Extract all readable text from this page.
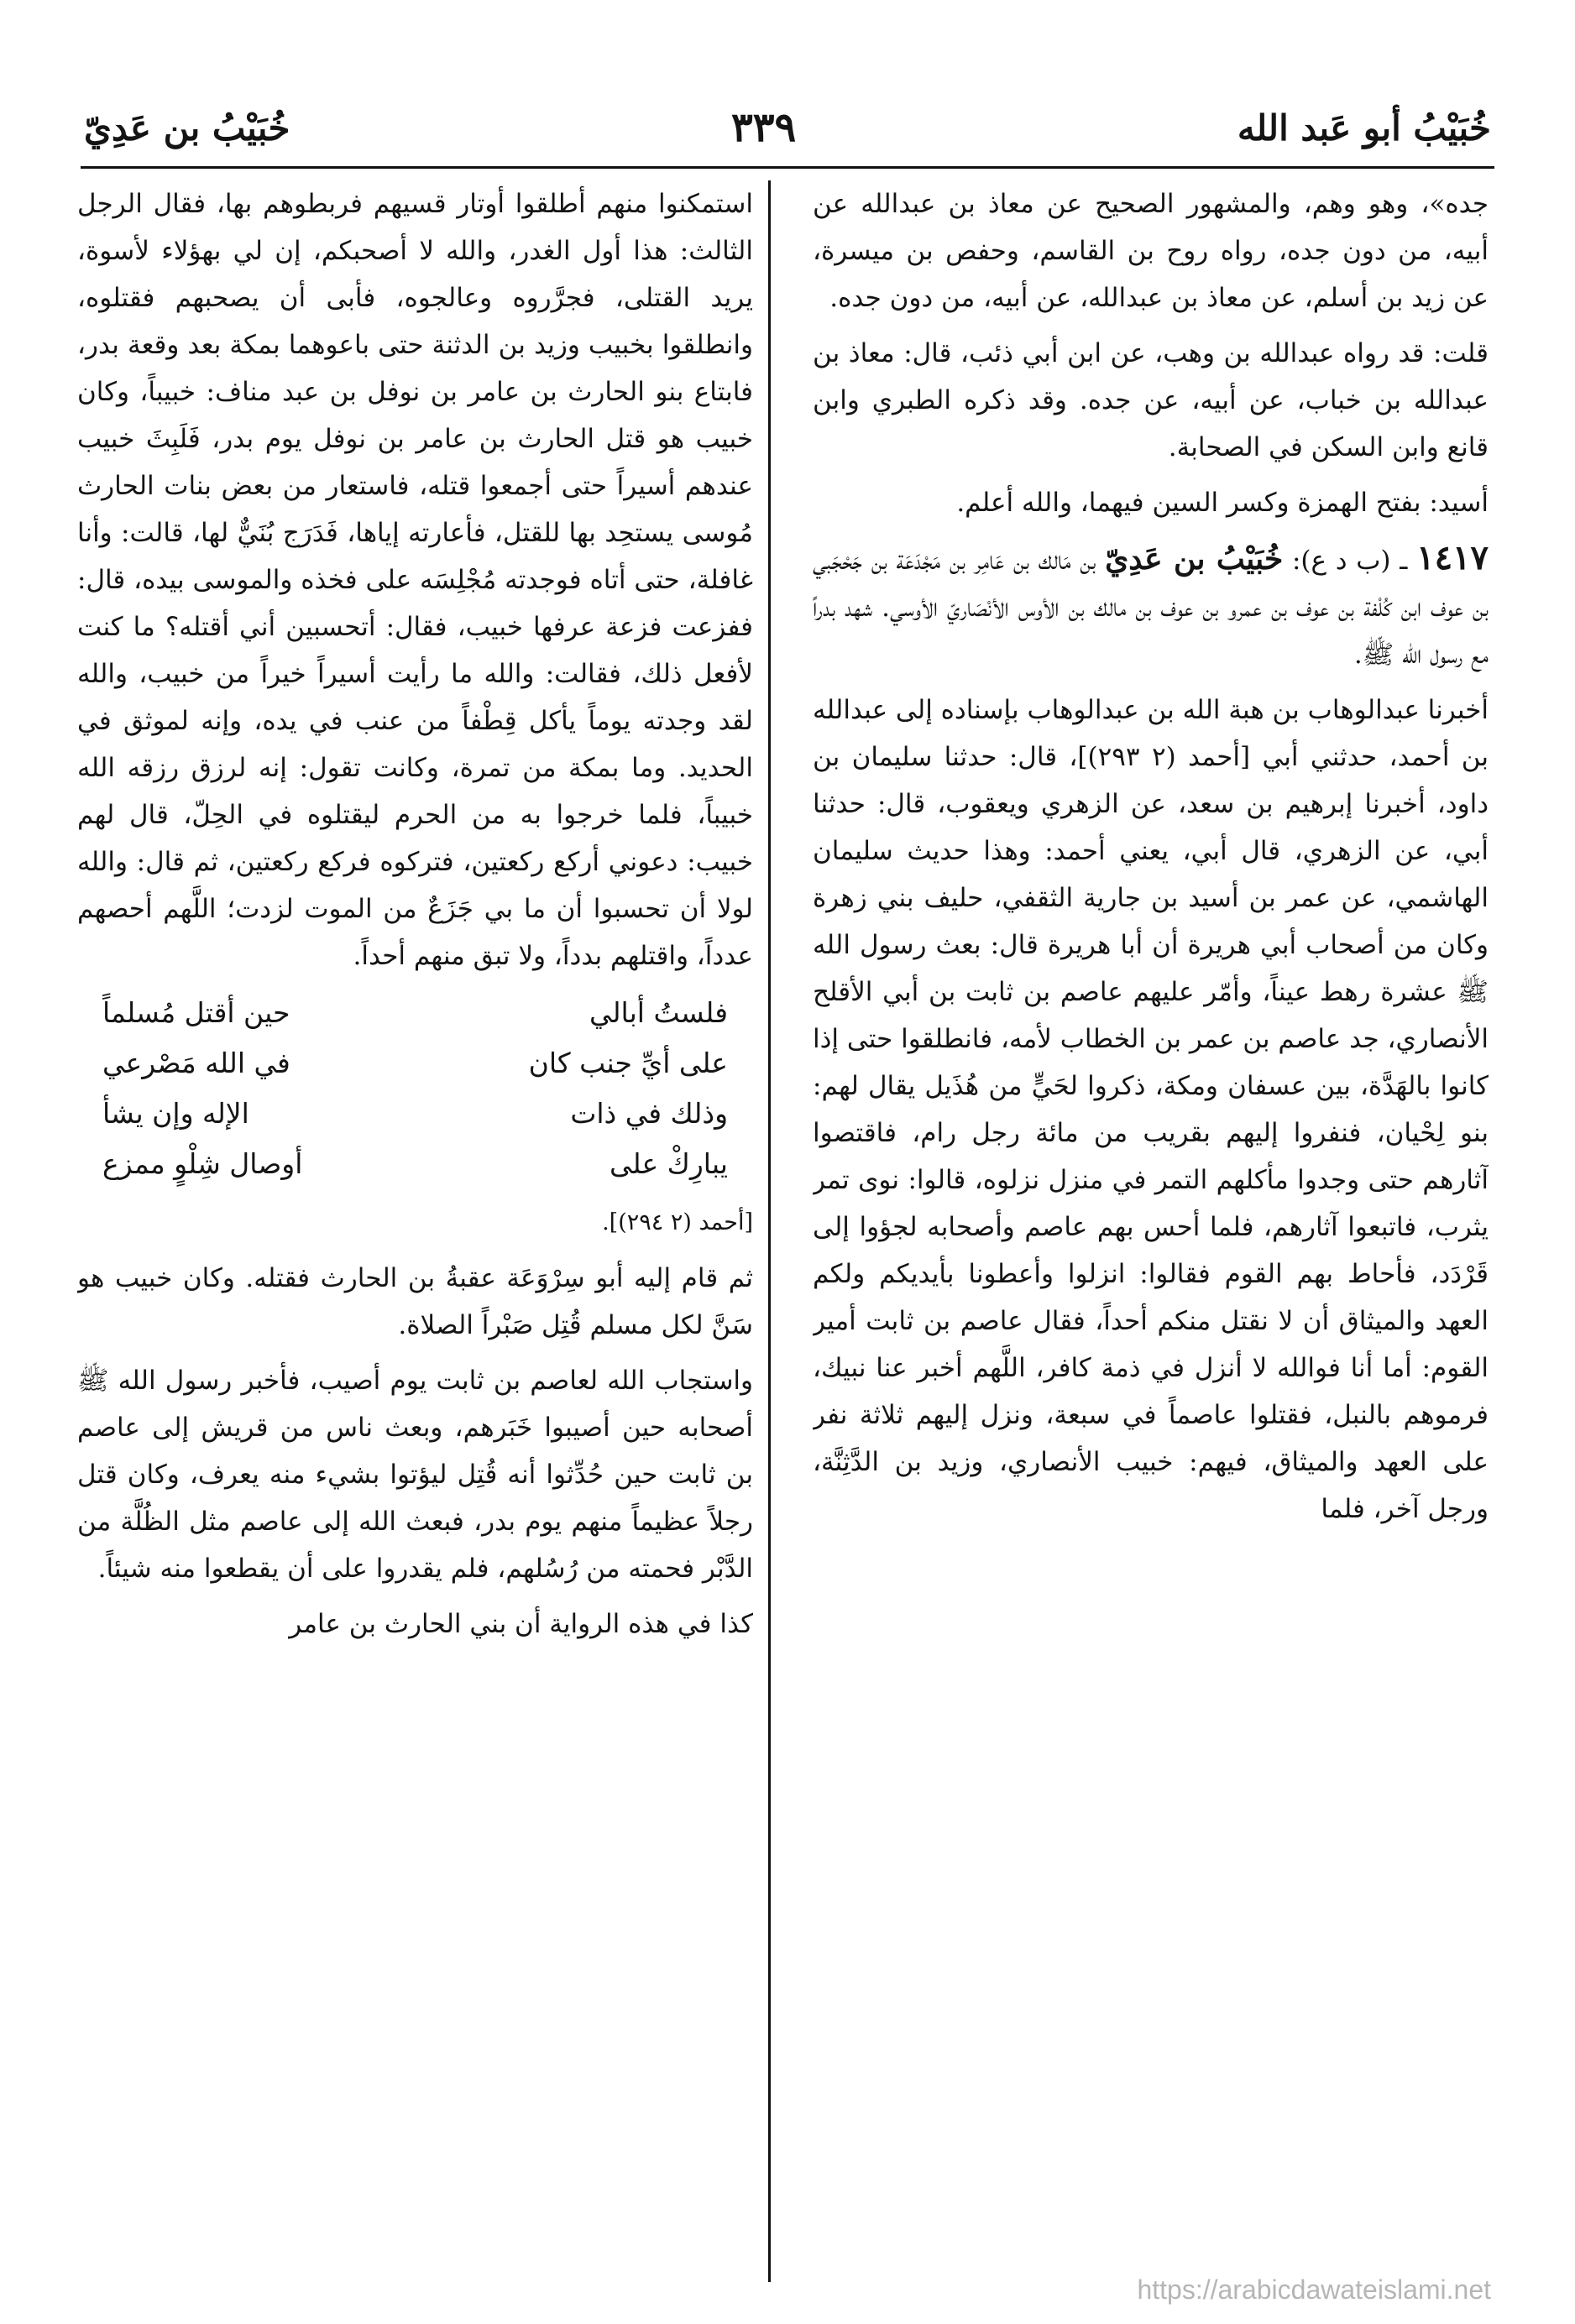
خُبَيْبُ أبو عَبد الله
٣٣٩
خُبَيْبُ بن عَدِيّ

جده»، وهو وهم، والمشهور الصحيح عن معاذ بن عبدالله عن أبيه، من دون جده، رواه روح بن القاسم، وحفص بن ميسرة، عن زيد بن أسلم، عن معاذ بن عبدالله، عن أبيه، من دون جده.

قلت: قد رواه عبدالله بن وهب، عن ابن أبي ذئب، قال: معاذ بن عبدالله بن خباب، عن أبيه، عن جده. وقد ذكره الطبري وابن قانع وابن السكن في الصحابة.

أسيد: بفتح الهمزة وكسر السين فيهما، والله أعلم.

١٤١٧ ـ (ب د ع): خُبَيْبُ بن عَدِيّ بن مَالك بن عَامِر بن مَجْدَعَة بن جَحْجَبي بن عوف ابن كُلْفة بن عوف بن عمرو بن عوف بن مالك بن الأوس الأنْصَاريّ الأوسي. شهد بدراً مع رسول الله ﷺ.

أخبرنا عبدالوهاب بن هبة الله بن عبدالوهاب بإسناده إلى عبدالله بن أحمد، حدثني أبي [أحمد (٢ ٢٩٣)]، قال: حدثنا سليمان بن داود، أخبرنا إبرهيم بن سعد، عن الزهري ويعقوب، قال: حدثنا أبي، عن الزهري، قال أبي، يعني أحمد: وهذا حديث سليمان الهاشمي، عن عمر بن أسيد بن جارية الثقفي، حليف بني زهرة وكان من أصحاب أبي هريرة أن أبا هريرة قال: بعث رسول الله ﷺ عشرة رهط عيناً، وأمّر عليهم عاصم بن ثابت بن أبي الأقلح الأنصاري، جد عاصم بن عمر بن الخطاب لأمه، فانطلقوا حتى إذا كانوا بالهَدَّة، بين عسفان ومكة، ذكروا لحَيٍّ من هُذَيل يقال لهم: بنو لِحْيان، فنفروا إليهم بقريب من مائة رجل رام، فاقتصوا آثارهم حتى وجدوا مأكلهم التمر في منزل نزلوه، قالوا: نوى تمر يثرب، فاتبعوا آثارهم، فلما أحس بهم عاصم وأصحابه لجؤوا إلى قَرْدَد، فأحاط بهم القوم فقالوا: انزلوا وأعطونا بأيديكم ولكم العهد والميثاق أن لا نقتل منكم أحداً، فقال عاصم بن ثابت أمير القوم: أما أنا فوالله لا أنزل في ذمة كافر، اللَّهم أخبر عنا نبيك، فرموهم بالنبل، فقتلوا عاصماً في سبعة، ونزل إليهم ثلاثة نفر على العهد والميثاق، فيهم: خبيب الأنصاري، وزيد بن الدَّثِنَّة، ورجل آخر، فلما

استمكنوا منهم أطلقوا أوتار قسيهم فربطوهم بها، فقال الرجل الثالث: هذا أول الغدر، والله لا أصحبكم، إن لي بهؤلاء لأسوة، يريد القتلى، فجرَّروه وعالجوه، فأبى أن يصحبهم فقتلوه، وانطلقوا بخبيب وزيد بن الدثنة حتى باعوهما بمكة بعد وقعة بدر، فابتاع بنو الحارث بن عامر بن نوفل بن عبد مناف: خبيباً، وكان خبيب هو قتل الحارث بن عامر بن نوفل يوم بدر، فَلَبِثَ خبيب عندهم أسيراً حتى أجمعوا قتله، فاستعار من بعض بنات الحارث مُوسى يستحِد بها للقتل، فأعارته إياها، فَدَرَج بُنَيٌّ لها، قالت: وأنا غافلة، حتى أتاه فوجدته مُجْلِسَه على فخذه والموسى بيده، قال: ففزعت فزعة عرفها خبيب، فقال: أتحسبين أني أقتله؟ ما كنت لأفعل ذلك، فقالت: والله ما رأيت أسيراً خيراً من خبيب، والله لقد وجدته يوماً يأكل قِطْفاً من عنب في يده، وإنه لموثق في الحديد. وما بمكة من تمرة، وكانت تقول: إنه لرزق رزقه الله خبيباً، فلما خرجوا به من الحرم ليقتلوه في الحِلّ، قال لهم خبيب: دعوني أركع ركعتين، فتركوه فركع ركعتين، ثم قال: والله لولا أن تحسبوا أن ما بي جَزَعٌ من الموت لزدت؛ اللَّهم أحصهم عدداً، واقتلهم بدداً، ولا تبق منهم أحداً.

فلستُ أبالي
حين أقتل مُسلماً
على أيِّ جنب كان
في الله مَصْرعي
وذلك في ذات
الإله وإن يشأ
يبارِكْ على
أوصال شِلْوٍ ممزع

[أحمد (٢ ٢٩٤)].

ثم قام إليه أبو سِرْوَعَة عقبةُ بن الحارث فقتله. وكان خبيب هو سَنَّ لكل مسلم قُتِل صَبْراً الصلاة.

واستجاب الله لعاصم بن ثابت يوم أصيب، فأخبر رسول الله ﷺ أصحابه حين أصيبوا خَبَرهم، وبعث ناس من قريش إلى عاصم بن ثابت حين حُدِّثوا أنه قُتِل ليؤتوا بشيء منه يعرف، وكان قتل رجلاً عظيماً منهم يوم بدر، فبعث الله إلى عاصم مثل الظُلَّة من الدَّبْر فحمته من رُسُلهم، فلم يقدروا على أن يقطعوا منه شيئاً.

كذا في هذه الرواية أن بني الحارث بن عامر

https://arabicdawateislami.net
